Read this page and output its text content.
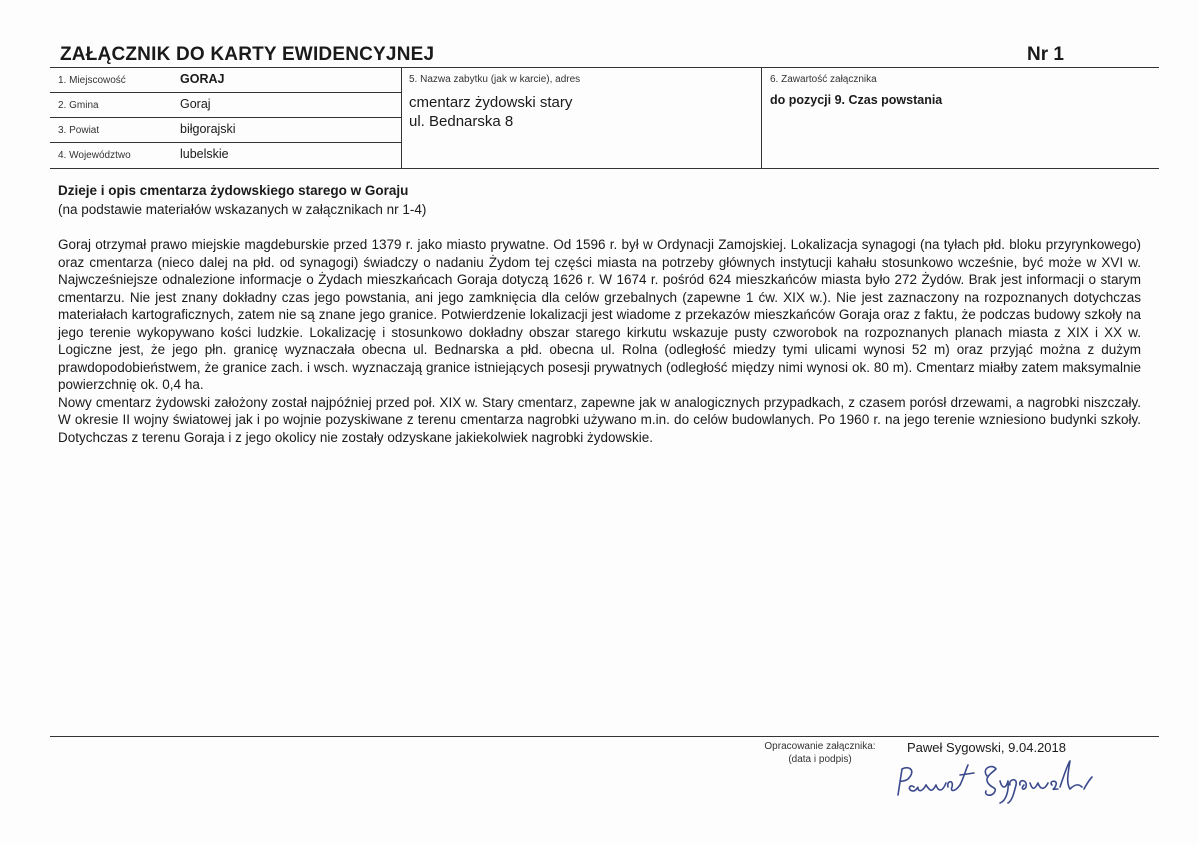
ZAŁĄCZNIK DO KARTY EWIDENCYJNEJ	Nr 1
1. Miejscowość	GORAJ
2. Gmina	Goraj
3. Powiat	biłgorajski
4. Województwo	lubelskie
5. Nazwa zabytku (jak w karcie), adres
cmentarz żydowski stary
ul. Bednarska 8
6. Zawartość załącznika
do pozycji 9. Czas powstania
Dzieje i opis cmentarza żydowskiego starego w Goraju
(na podstawie materiałów wskazanych w załącznikach nr 1-4)

Goraj otrzymał prawo miejskie magdeburskie przed 1379 r. jako miasto prywatne. Od 1596 r. był w Ordynacji Zamojskiej. Lokalizacja synagogi (na tyłach płd. bloku przyrynkowego) oraz cmentarza (nieco dalej na płd. od synagogi) świadczy o nadaniu Żydom tej części miasta na potrzeby głównych instytucji kahału stosunkowo wcześnie, być może w XVI w. Najwcześniejsze odnalezione informacje o Żydach mieszkańcach Goraja dotyczą 1626 r. W 1674 r. pośród 624 mieszkańców miasta było 272 Żydów. Brak jest informacji o starym cmentarzu. Nie jest znany dokładny czas jego powstania, ani jego zamknięcia dla celów grzebalnych (zapewne 1 ćw. XIX w.). Nie jest zaznaczony na rozpoznanych dotychczas materiałach kartograficznych, zatem nie są znane jego granice. Potwierdzenie lokalizacji jest wiadome z przekazów mieszkańców Goraja oraz z faktu, że podczas budowy szkoły na jego terenie wykopywano kości ludzkie. Lokalizację i stosunkowo dokładny obszar starego kirkutu wskazuje pusty czworobok na rozpoznanych planach miasta z XIX i XX w. Logiczne jest, że jego płn. granicę wyznaczała obecna ul. Bednarska a płd. obecna ul. Rolna (odległość miedzy tymi ulicami wynosi 52 m) oraz przyjąć można z dużym prawdopodobieństwem, że granice zach. i wsch. wyznaczają granice istniejących posesji prywatnych (odległość między nimi wynosi ok. 80 m). Cmentarz miałby zatem maksymalnie powierzchnię ok. 0,4 ha.

Nowy cmentarz żydowski założony został najpóźniej przed poł. XIX w. Stary cmentarz, zapewne jak w analogicznych przypadkach, z czasem porósł drzewami, a nagrobki niszczały. W okresie II wojny światowej jak i po wojnie pozyskiwane z terenu cmentarza nagrobki używano m.in. do celów budowlanych. Po 1960 r. na jego terenie wzniesiono budynki szkoły. Dotychczas z terenu Goraja i z jego okolicy nie zostały odzyskane jakiekolwiek nagrobki żydowskie.

Opracowanie załącznika:
(data i podpis)
Paweł Sygowski, 9.04.2018
